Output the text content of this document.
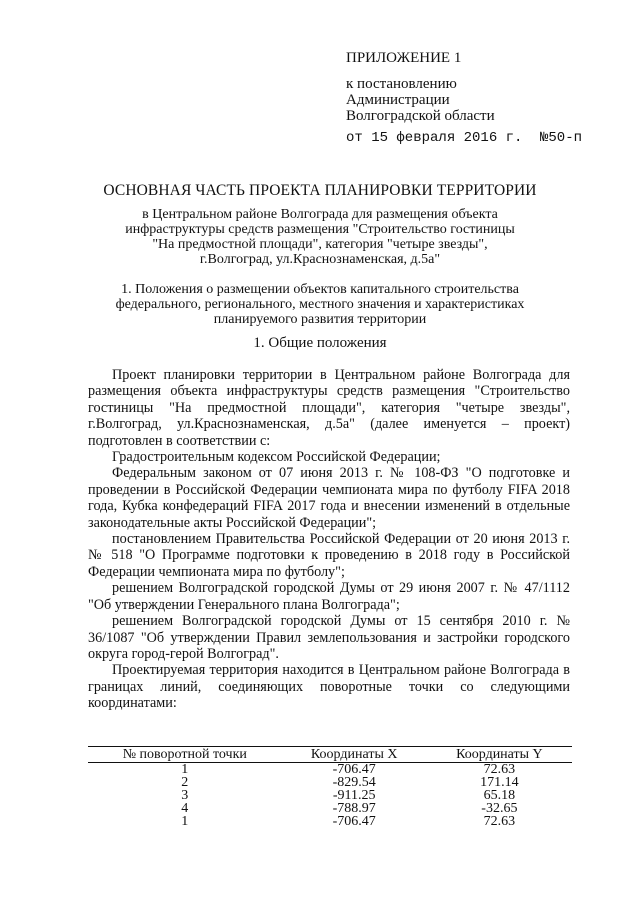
ПРИЛОЖЕНИЕ 1
к постановлению
Администрации
Волгоградской области
от 15 февраля 2016 г. №50-п
ОСНОВНАЯ ЧАСТЬ ПРОЕКТА ПЛАНИРОВКИ ТЕРРИТОРИИ
в Центральном районе Волгограда для размещения объекта
инфраструктуры средств размещения "Строительство гостиницы
"На предмостной площади", категория "четыре звезды",
г.Волгоград, ул.Краснознаменская, д.5а"
1. Положения о размещении объектов капитального строительства
федерального, регионального, местного значения и характеристиках
планируемого развития территории
1. Общие положения

Проект планировки территории в Центральном районе Волгограда для размещения объекта инфраструктуры средств размещения "Строительство гостиницы "На предмостной площади", категория "четыре звезды", г.Волгоград, ул.Краснознаменская, д.5а" (далее именуется – проект) подготовлен в соответствии с:

Градостроительным кодексом Российской Федерации;

Федеральным законом от 07 июня 2013 г. № 108-ФЗ "О подготовке и проведении в Российской Федерации чемпионата мира по футболу FIFA 2018 года, Кубка конфедераций FIFA 2017 года и внесении изменений в отдельные законодательные акты Российской Федерации";

постановлением Правительства Российской Федерации от 20 июня 2013 г. № 518 "О Программе подготовки к проведению в 2018 году в Российской Федерации чемпионата мира по футболу";

решением Волгоградской городской Думы от 29 июня 2007 г. № 47/1112 "Об утверждении Генерального плана Волгограда";

решением Волгоградской городской Думы от 15 сентября 2010 г. № 36/1087 "Об утверждении Правил землепользования и застройки городского округа город-герой Волгоград".

Проектируемая территория находится в Центральном районе Волгограда в границах линий, соединяющих поворотные точки со следующими координатами:

№ поворотной точки	Координаты X	Координаты Y
1	-706.47	72.63
2	-829.54	171.14
3	-911.25	65.18
4	-788.97	-32.65
1	-706.47	72.63
